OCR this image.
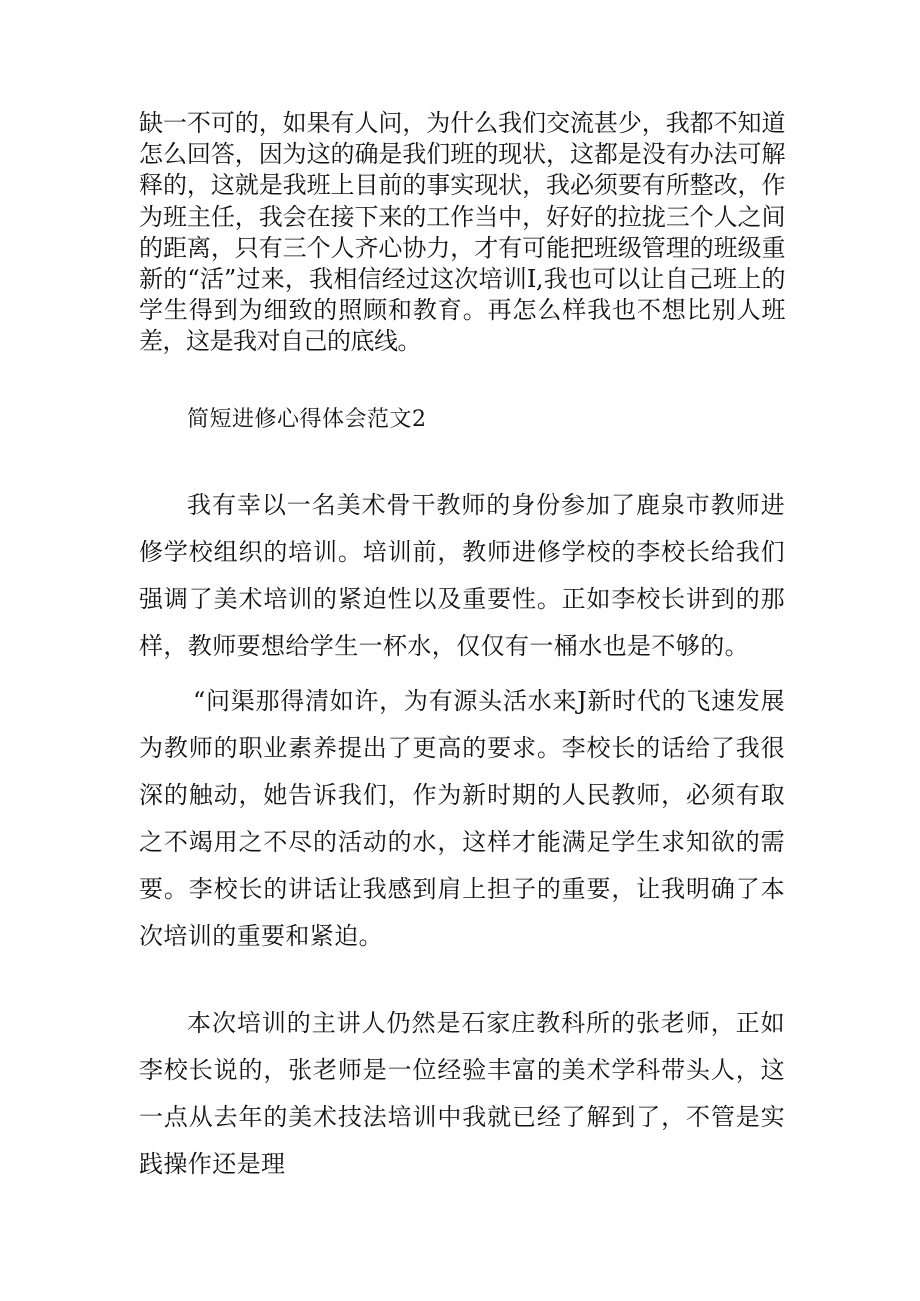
缺一不可的，如果有人问，为什么我们交流甚少，我都不知道怎么回答，因为这的确是我们班的现状，这都是没有办法可解释的，这就是我班上目前的事实现状，我必须要有所整改，作为班主任，我会在接下来的工作当中，好好的拉拢三个人之间的距离，只有三个人齐心协力，才有可能把班级管理的班级重新的“活”过来，我相信经过这次培训I,我也可以让自己班上的学生得到为细致的照顾和教育。再怎么样我也不想比别人班差，这是我对自己的底线。

简短进修心得体会范文2

我有幸以一名美术骨干教师的身份参加了鹿泉市教师进修学校组织的培训。培训前，教师进修学校的李校长给我们强调了美术培训的紧迫性以及重要性。正如李校长讲到的那样，教师要想给学生一杯水，仅仅有一桶水也是不够的。

“问渠那得清如许，为有源头活水来J新时代的飞速发展为教师的职业素养提出了更高的要求。李校长的话给了我很深的触动，她告诉我们，作为新时期的人民教师，必须有取之不竭用之不尽的活动的水，这样才能满足学生求知欲的需要。李校长的讲话让我感到肩上担子的重要，让我明确了本次培训的重要和紧迫。

本次培训的主讲人仍然是石家庄教科所的张老师，正如李校长说的，张老师是一位经验丰富的美术学科带头人，这一点从去年的美术技法培训中我就已经了解到了，不管是实践操作还是理
